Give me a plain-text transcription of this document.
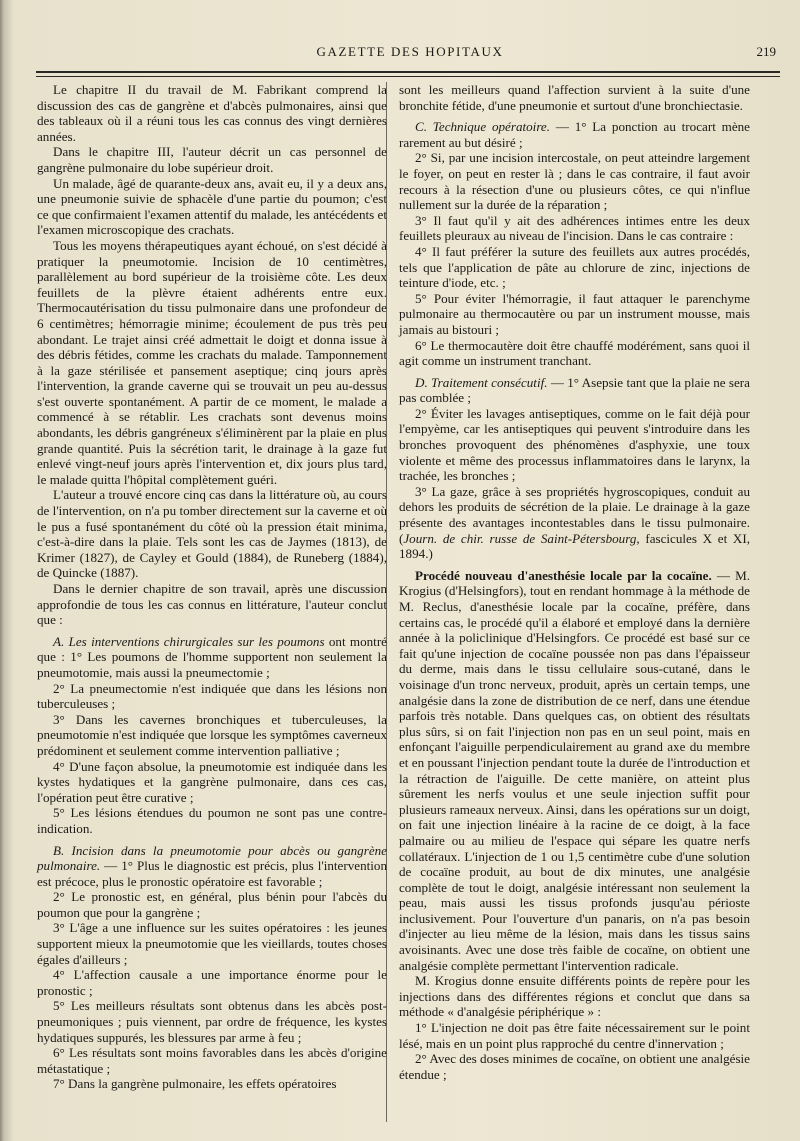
GAZETTE DES HOPITAUX	219

Le chapitre II du travail de M. Fabrikant comprend la discussion des cas de gangrène et d'abcès pulmonaires, ainsi que des tableaux où il a réuni tous les cas connus des vingt dernières années.

Dans le chapitre III, l'auteur décrit un cas personnel de gangrène pulmonaire du lobe supérieur droit.

Un malade, âgé de quarante-deux ans, avait eu, il y a deux ans, une pneumonie suivie de sphacèle d'une partie du poumon; c'est ce que confirmaient l'examen attentif du malade, les antécédents et l'examen microscopique des crachats.

Tous les moyens thérapeutiques ayant échoué, on s'est décidé à pratiquer la pneumotomie. Incision de 10 centimètres, parallèlement au bord supérieur de la troisième côte. Les deux feuillets de la plèvre étaient adhérents entre eux. Thermocautérisation du tissu pulmonaire dans une profondeur de 6 centimètres; hémorragie minime; écoulement de pus très peu abondant. Le trajet ainsi créé admettait le doigt et donna issue à des débris fétides, comme les crachats du malade. Tamponnement à la gaze stérilisée et pansement aseptique; cinq jours après l'intervention, la grande caverne qui se trouvait un peu au-dessus s'est ouverte spontanément. A partir de ce moment, le malade a commencé à se rétablir. Les crachats sont devenus moins abondants, les débris gangréneux s'éliminèrent par la plaie en plus grande quantité. Puis la sécrétion tarit, le drainage à la gaze fut enlevé vingt-neuf jours après l'intervention et, dix jours plus tard, le malade quitta l'hôpital complètement guéri.

L'auteur a trouvé encore cinq cas dans la littérature où, au cours de l'intervention, on n'a pu tomber directement sur la caverne et où le pus a fusé spontanément du côté où la pression était minima, c'est-à-dire dans la plaie. Tels sont les cas de Jaymes (1813), de Krimer (1827), de Cayley et Gould (1884), de Runeberg (1884), de Quincke (1887).

Dans le dernier chapitre de son travail, après une discussion approfondie de tous les cas connus en littérature, l'auteur conclut que :

A. Les interventions chirurgicales sur les poumons ont montré que : 1° Les poumons de l'homme supportent non seulement la pneumotomie, mais aussi la pneumectomie ;

2° La pneumectomie n'est indiquée que dans les lésions non tuberculeuses ;

3° Dans les cavernes bronchiques et tuberculeuses, la pneumotomie n'est indiquée que lorsque les symptômes caverneux prédominent et seulement comme intervention palliative ;

4° D'une façon absolue, la pneumotomie est indiquée dans les kystes hydatiques et la gangrène pulmonaire, dans ces cas, l'opération peut être curative ;

5° Les lésions étendues du poumon ne sont pas une contre-indication.

B. Incision dans la pneumotomie pour abcès ou gangrène pulmonaire. — 1° Plus le diagnostic est précis, plus l'intervention est précoce, plus le pronostic opératoire est favorable ;

2° Le pronostic est, en général, plus bénin pour l'abcès du poumon que pour la gangrène ;

3° L'âge a une influence sur les suites opératoires : les jeunes supportent mieux la pneumotomie que les vieillards, toutes choses égales d'ailleurs ;

4° L'affection causale a une importance énorme pour le pronostic ;

5° Les meilleurs résultats sont obtenus dans les abcès post-pneumoniques ; puis viennent, par ordre de fréquence, les kystes hydatiques suppurés, les blessures par arme à feu ;

6° Les résultats sont moins favorables dans les abcès d'origine métastatique ;

7° Dans la gangrène pulmonaire, les effets opératoires

sont les meilleurs quand l'affection survient à la suite d'une bronchite fétide, d'une pneumonie et surtout d'une bronchiectasie.

C. Technique opératoire. — 1° La ponction au trocart mène rarement au but désiré ;

2° Si, par une incision intercostale, on peut atteindre largement le foyer, on peut en rester là ; dans le cas contraire, il faut avoir recours à la résection d'une ou plusieurs côtes, ce qui n'influe nullement sur la durée de la réparation ;

3° Il faut qu'il y ait des adhérences intimes entre les deux feuillets pleuraux au niveau de l'incision. Dans le cas contraire :

4° Il faut préférer la suture des feuillets aux autres procédés, tels que l'application de pâte au chlorure de zinc, injections de teinture d'iode, etc. ;

5° Pour éviter l'hémorragie, il faut attaquer le parenchyme pulmonaire au thermocautère ou par un instrument mousse, mais jamais au bistouri ;

6° Le thermocautère doit être chauffé modérément, sans quoi il agit comme un instrument tranchant.

D. Traitement consécutif. — 1° Asepsie tant que la plaie ne sera pas comblée ;

2° Éviter les lavages antiseptiques, comme on le fait déjà pour l'empyème, car les antiseptiques qui peuvent s'introduire dans les bronches provoquent des phénomènes d'asphyxie, une toux violente et même des processus inflammatoires dans le larynx, la trachée, les bronches ;

3° La gaze, grâce à ses propriétés hygroscopiques, conduit au dehors les produits de sécrétion de la plaie. Le drainage à la gaze présente des avantages incontestables dans le tissu pulmonaire. (Journ. de chir. russe de Saint-Pétersbourg, fascicules X et XI, 1894.)

Procédé nouveau d'anesthésie locale par la cocaïne. — M. Krogius (d'Helsingfors), tout en rendant hommage à la méthode de M. Reclus, d'anesthésie locale par la cocaïne, préfère, dans certains cas, le procédé qu'il a élaboré et employé dans la dernière année à la policlinique d'Helsingfors. Ce procédé est basé sur ce fait qu'une injection de cocaïne poussée non pas dans l'épaisseur du derme, mais dans le tissu cellulaire sous-cutané, dans le voisinage d'un tronc nerveux, produit, après un certain temps, une analgésie dans la zone de distribution de ce nerf, dans une étendue parfois très notable. Dans quelques cas, on obtient des résultats plus sûrs, si on fait l'injection non pas en un seul point, mais en enfonçant l'aiguille perpendiculairement au grand axe du membre et en poussant l'injection pendant toute la durée de l'introduction et la rétraction de l'aiguille. De cette manière, on atteint plus sûrement les nerfs voulus et une seule injection suffit pour plusieurs rameaux nerveux. Ainsi, dans les opérations sur un doigt, on fait une injection linéaire à la racine de ce doigt, à la face palmaire ou au milieu de l'espace qui sépare les quatre nerfs collatéraux. L'injection de 1 ou 1,5 centimètre cube d'une solution de cocaïne produit, au bout de dix minutes, une analgésie complète de tout le doigt, analgésie intéressant non seulement la peau, mais aussi les tissus profonds jusqu'au périoste inclusivement. Pour l'ouverture d'un panaris, on n'a pas besoin d'injecter au lieu même de la lésion, mais dans les tissus sains avoisinants. Avec une dose très faible de cocaïne, on obtient une analgésie complète permettant l'intervention radicale.

M. Krogius donne ensuite différents points de repère pour les injections dans des différentes régions et conclut que dans sa méthode « d'analgésie périphérique » :

1° L'injection ne doit pas être faite nécessairement sur le point lésé, mais en un point plus rapproché du centre d'innervation ;

2° Avec des doses minimes de cocaïne, on obtient une analgésie étendue ;
